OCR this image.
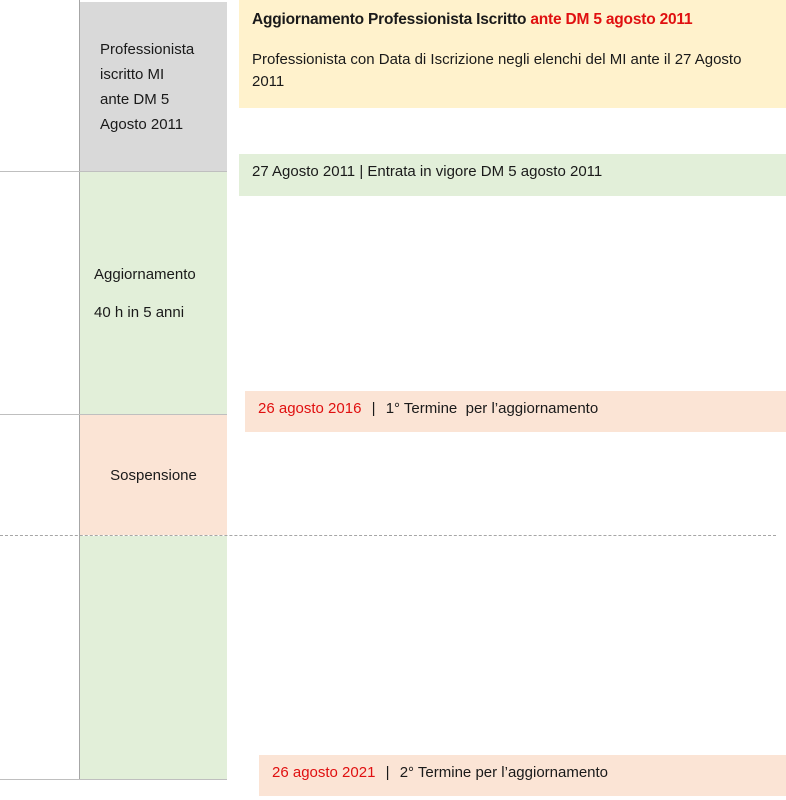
Professionista
iscritto MI
ante DM 5
Agosto 2011
Aggiornamento
40 h in 5 anni
Sospensione
Aggiornamento Professionista Iscritto ante DM 5 agosto 2011
Professionista con Data di Iscrizione negli elenchi del MI ante il 27 Agosto 2011
27 Agosto 2011 | Entrata in vigore DM 5 agosto 2011
26 agosto 2016 | 1° Termine  per l’aggiornamento
26 agosto 2021 | 2° Termine per l’aggiornamento
